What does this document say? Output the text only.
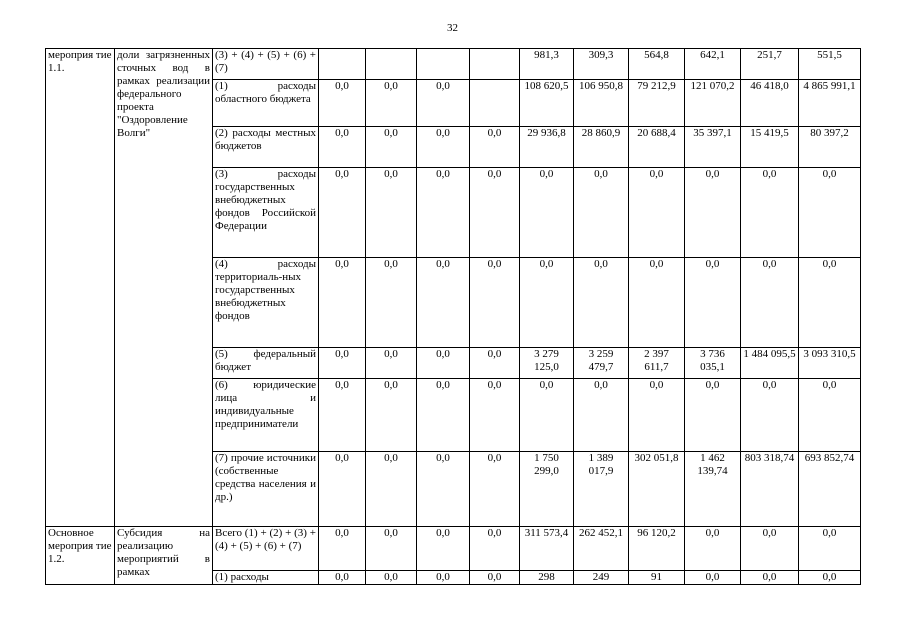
32
мероприя тие 1.1.	доли загрязненных сточных вод в рамках реализации федерального проекта "Оздоровление Волги"	(3) + (4) + (5) + (6) + (7)					981,3	309,3	564,8	642,1	251,7	551,5
		(1) расходы областного бюджета	0,0	0,0	0,0		108 620,5	106 950,8	79 212,9	121 070,2	46 418,0	4 865 991,1
		(2) расходы местных бюджетов	0,0	0,0	0,0	0,0	29 936,8	28 860,9	20 688,4	35 397,1	15 419,5	80 397,2
		(3) расходы государственных внебюджетных фондов Российской Федерации	0,0	0,0	0,0	0,0	0,0	0,0	0,0	0,0	0,0	0,0
		(4) расходы территориаль-ных государственных внебюджетных фондов	0,0	0,0	0,0	0,0	0,0	0,0	0,0	0,0	0,0	0,0
		(5) федеральный бюджет	0,0	0,0	0,0	0,0	3 279 125,0	3 259 479,7	2 397 611,7	3 736 035,1	1 484 095,5	3 093 310,5
		(6) юридические лица и индивидуальные предприниматели	0,0	0,0	0,0	0,0	0,0	0,0	0,0	0,0	0,0	0,0
		(7) прочие источники (собственные средства населения и др.)	0,0	0,0	0,0	0,0	1 750 299,0	1 389 017,9	302 051,8	1 462 139,74	803 318,74	693 852,74
Основное мероприя тие 1.2.	Субсидия на реализацию мероприятий в рамках	Всего (1) + (2) + (3) + (4) + (5) + (6) + (7)	0,0	0,0	0,0	0,0	311 573,4	262 452,1	96 120,2	0,0	0,0	0,0
		(1) расходы	0,0	0,0	0,0	0,0	298	249	91	0,0	0,0	0,0
